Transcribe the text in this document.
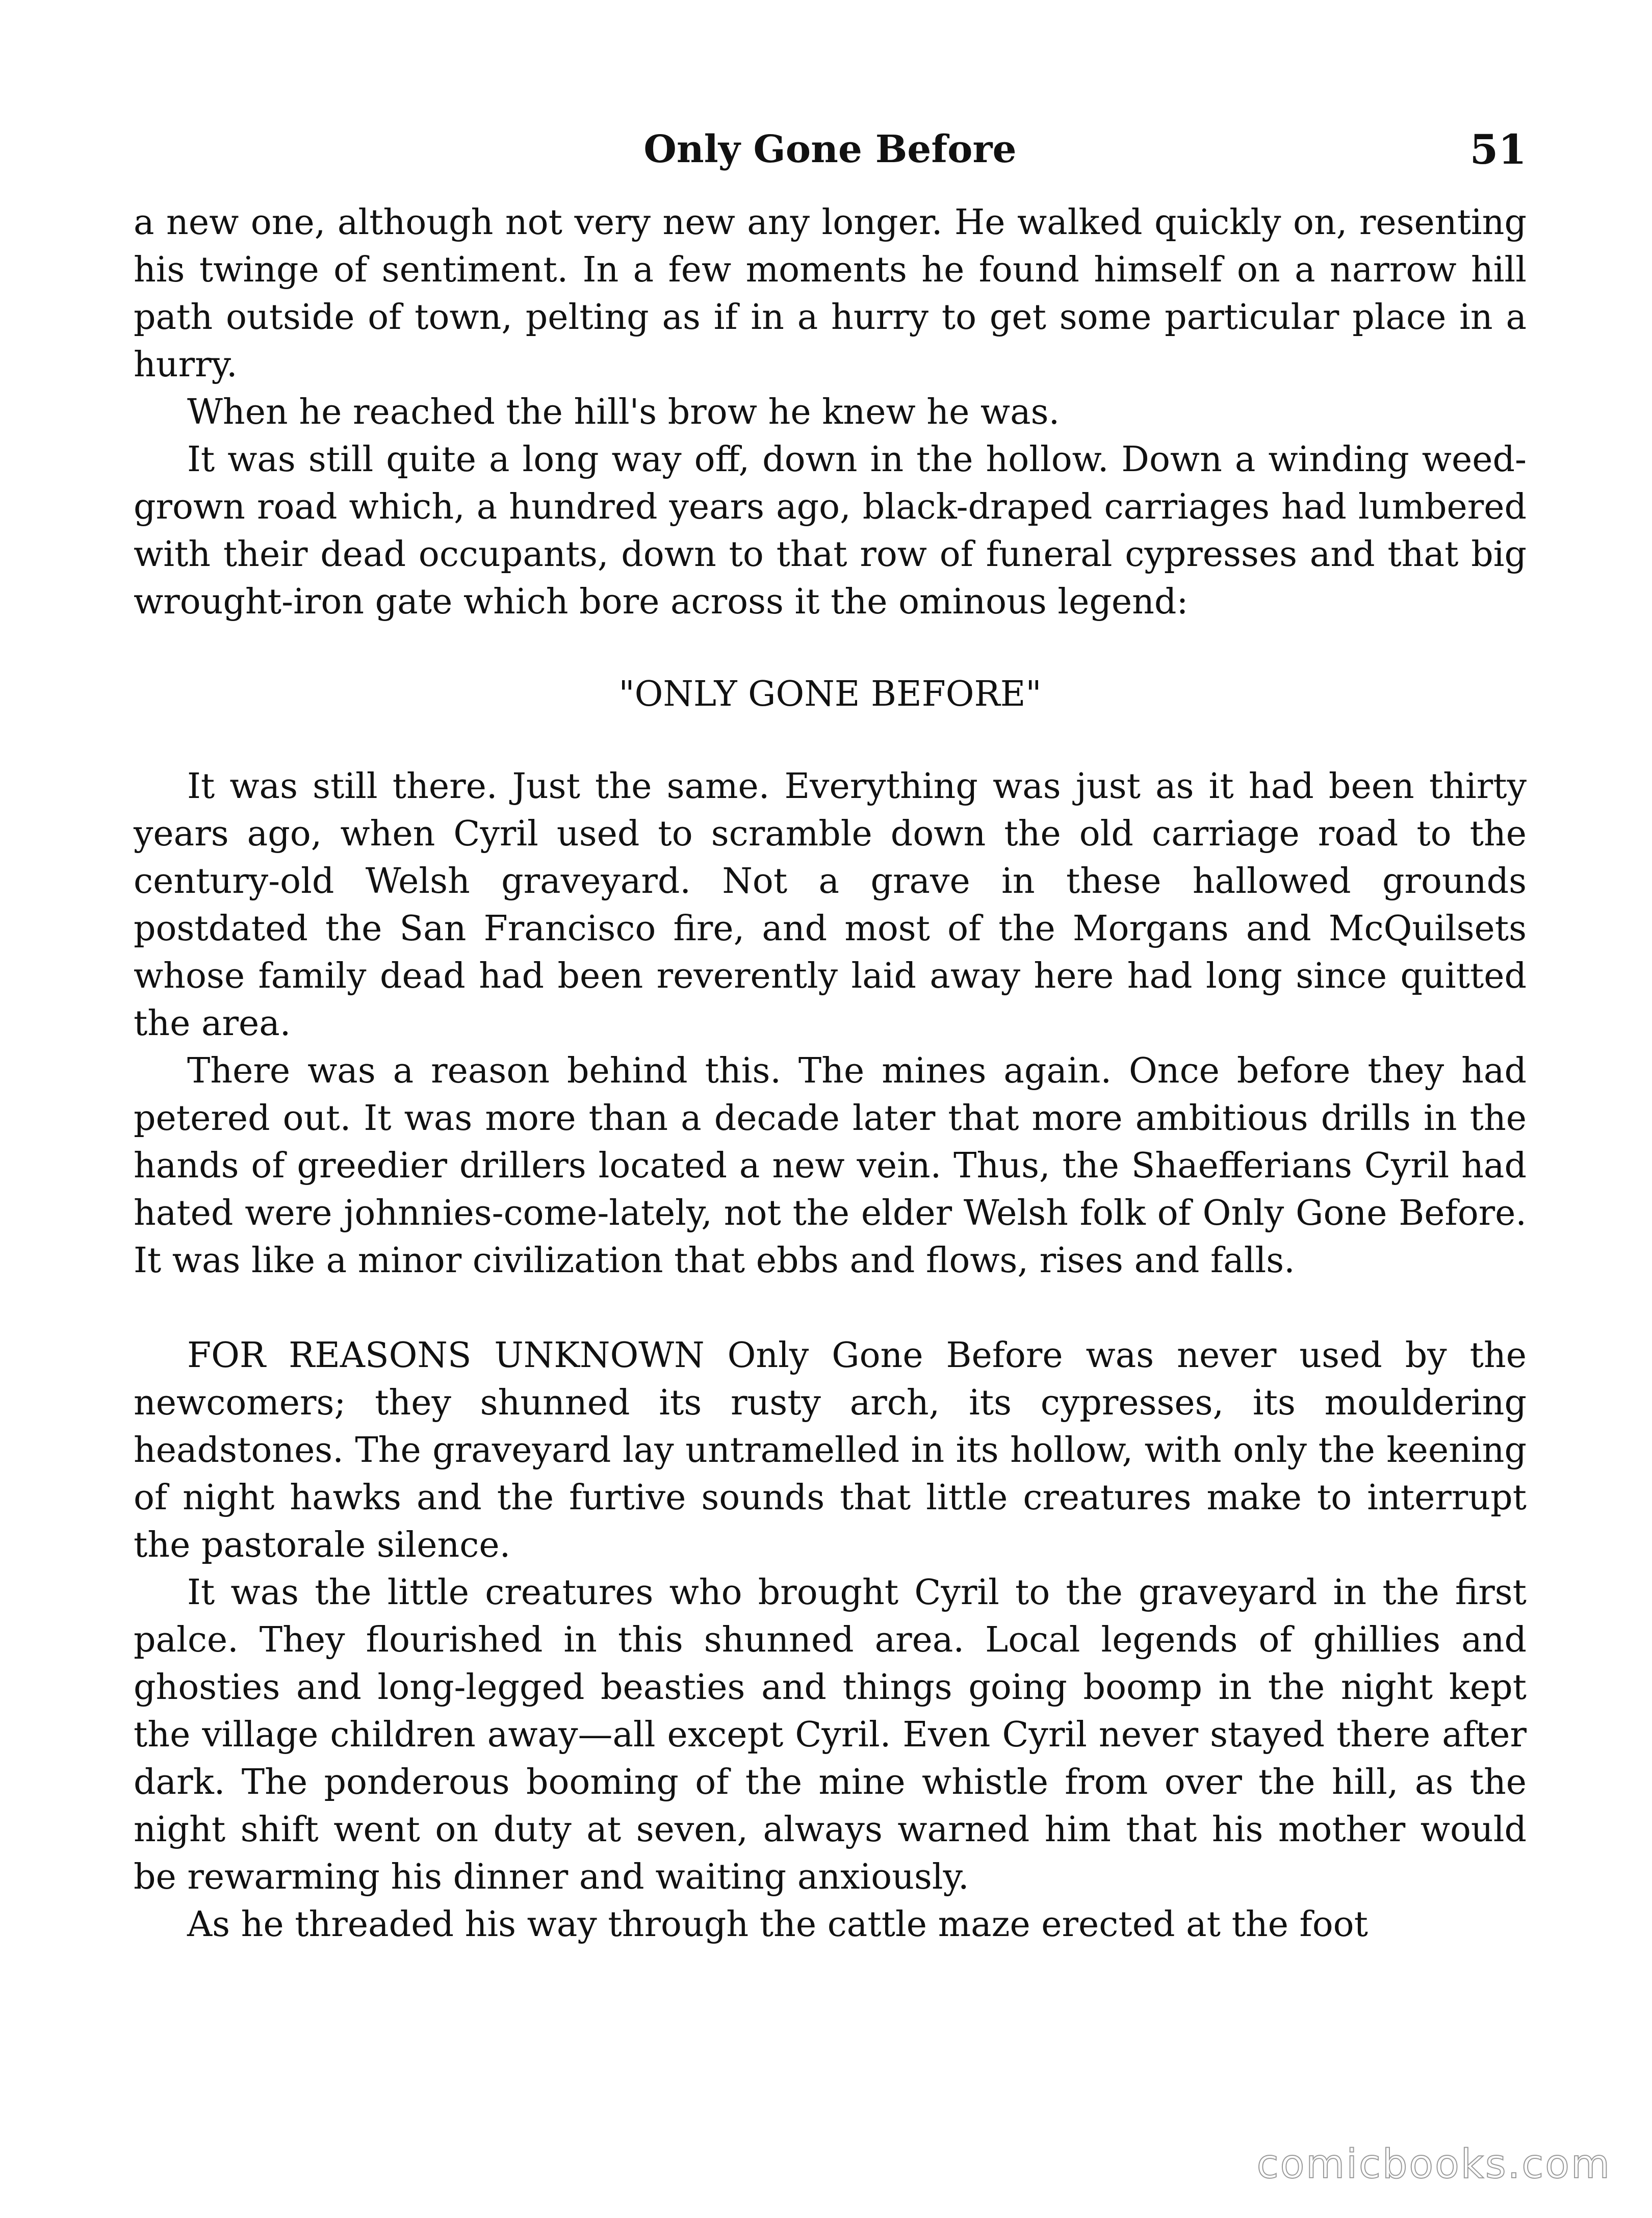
Only Gone Before	51

a new one, although not very new any longer. He walked quickly on, resenting his twinge of sentiment. In a few moments he found himself on a narrow hill path outside of town, pelting as if in a hurry to get some particular place in a hurry.

When he reached the hill's brow he knew he was.

It was still quite a long way off, down in the hollow. Down a winding weed-grown road which, a hundred years ago, black-draped carriages had lumbered with their dead occupants, down to that row of funeral cypresses and that big wrought-iron gate which bore across it the ominous legend:

"ONLY GONE BEFORE"

It was still there. Just the same. Everything was just as it had been thirty years ago, when Cyril used to scramble down the old carriage road to the century-old Welsh graveyard. Not a grave in these hallowed grounds postdated the San Francisco fire, and most of the Morgans and McQuilsets whose family dead had been reverently laid away here had long since quitted the area.

There was a reason behind this. The mines again. Once before they had petered out. It was more than a decade later that more ambitious drills in the hands of greedier drillers located a new vein. Thus, the Shaefferians Cyril had hated were johnnies-come-lately, not the elder Welsh folk of Only Gone Before. It was like a minor civilization that ebbs and flows, rises and falls.

FOR REASONS UNKNOWN Only Gone Before was never used by the newcomers; they shunned its rusty arch, its cypresses, its mouldering headstones. The graveyard lay untramelled in its hollow, with only the keening of night hawks and the furtive sounds that little creatures make to interrupt the pastorale silence.

It was the little creatures who brought Cyril to the graveyard in the first palce. They flourished in this shunned area. Local legends of ghillies and ghosties and long-legged beasties and things going boomp in the night kept the village children away—all except Cyril. Even Cyril never stayed there after dark. The ponderous booming of the mine whistle from over the hill, as the night shift went on duty at seven, always warned him that his mother would be rewarming his dinner and waiting anxiously.

As he threaded his way through the cattle maze erected at the foot

comicbooks.com
